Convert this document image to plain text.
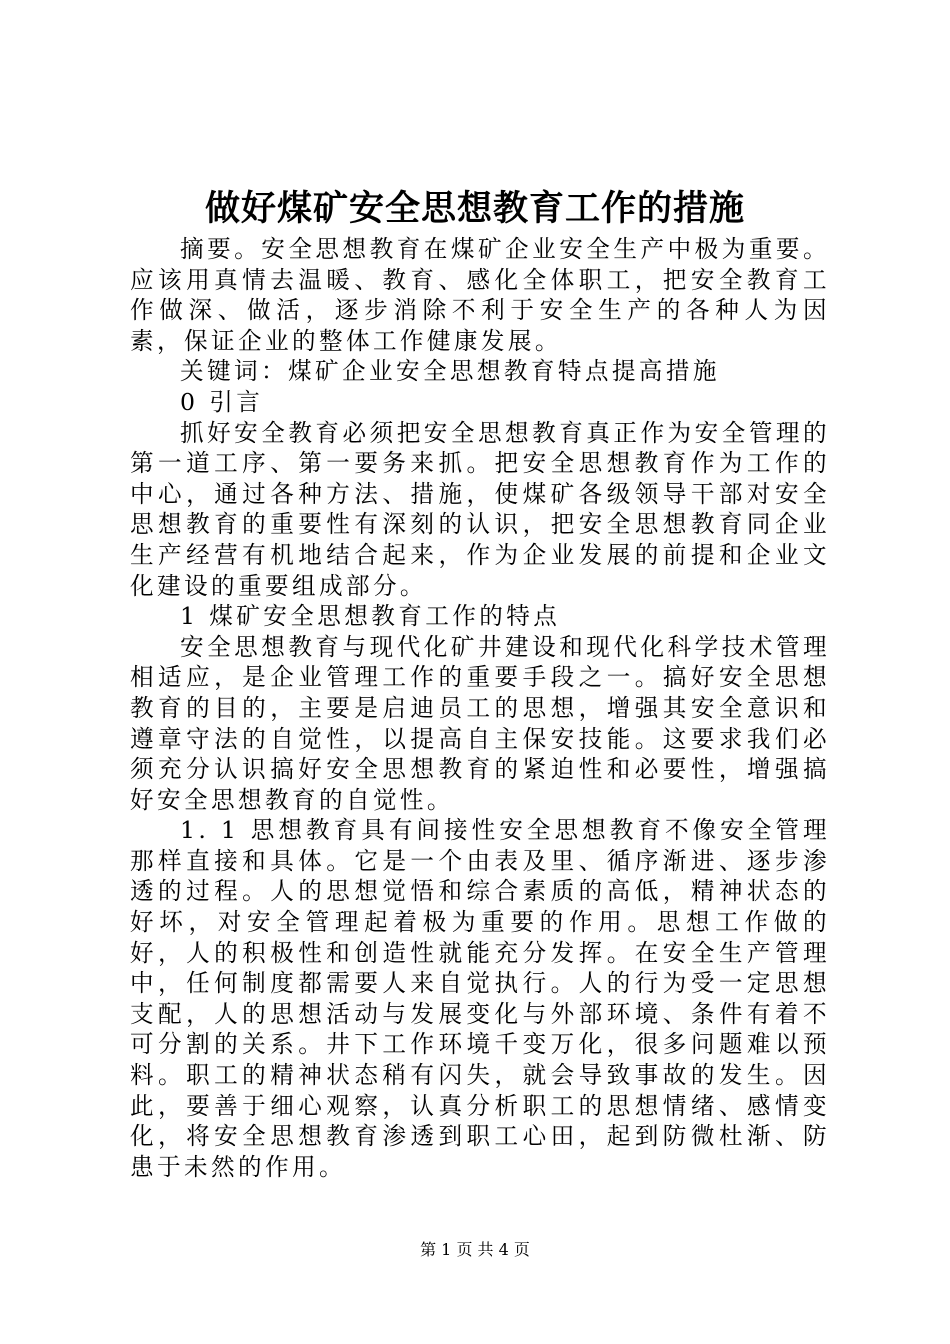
做好煤矿安全思想教育工作的措施

摘要。安全思想教育在煤矿企业安全生产中极为重要。应该用真情去温暖、教育、感化全体职工，把安全教育工作做深、做活，逐步消除不利于安全生产的各种人为因素，保证企业的整体工作健康发展。

关键词：煤矿企业安全思想教育特点提高措施

0 引言

抓好安全教育必须把安全思想教育真正作为安全管理的第一道工序、第一要务来抓。把安全思想教育作为工作的中心，通过各种方法、措施，使煤矿各级领导干部对安全思想教育的重要性有深刻的认识，把安全思想教育同企业生产经营有机地结合起来，作为企业发展的前提和企业文化建设的重要组成部分。

1 煤矿安全思想教育工作的特点

安全思想教育与现代化矿井建设和现代化科学技术管理相适应，是企业管理工作的重要手段之一。搞好安全思想教育的目的，主要是启迪员工的思想，增强其安全意识和遵章守法的自觉性，以提高自主保安技能。这要求我们必须充分认识搞好安全思想教育的紧迫性和必要性，增强搞好安全思想教育的自觉性。

1. 1 思想教育具有间接性安全思想教育不像安全管理那样直接和具体。它是一个由表及里、循序渐进、逐步渗透的过程。人的思想觉悟和综合素质的高低，精神状态的好坏，对安全管理起着极为重要的作用。思想工作做的好，人的积极性和创造性就能充分发挥。在安全生产管理中，任何制度都需要人来自觉执行。人的行为受一定思想支配，人的思想活动与发展变化与外部环境、条件有着不可分割的关系。井下工作环境千变万化，很多问题难以预料。职工的精神状态稍有闪失，就会导致事故的发生。因此，要善于细心观察，认真分析职工的思想情绪、感情变化，将安全思想教育渗透到职工心田，起到防微杜渐、防患于未然的作用。

第 1 页 共 4 页
